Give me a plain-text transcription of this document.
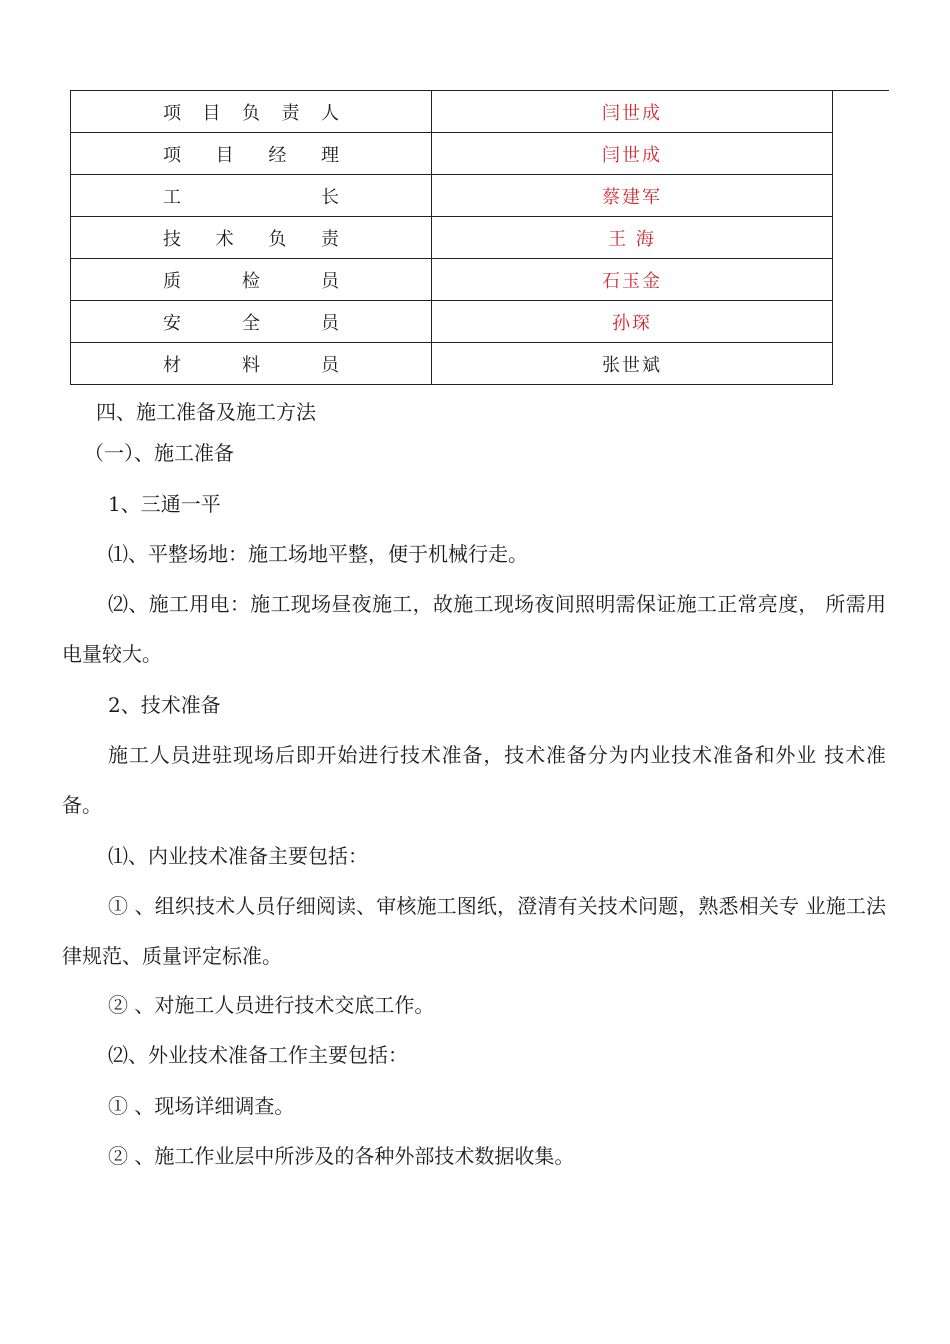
项 目 负 责 人	闫世成

项 目 经 理	闫世成

工 长	蔡建军

技 术 负 责	王 海

质 检 员	石玉金

安 全 员	孙琛

材 料 员	张世斌
四、施工准备及施工方法
（一）、施工准备
1、三通一平
⑴、平整场地：施工场地平整，便于机械行走。
⑵、施工用电：施工现场昼夜施工，故施工现场夜间照明需保证施工正常亮度， 所需用电量较大。
2、技术准备
施工人员进驻现场后即开始进行技术准备，技术准备分为内业技术准备和外业 技术准备。
⑴、内业技术准备主要包括：
① 、组织技术人员仔细阅读、审核施工图纸，澄清有关技术问题，熟悉相关专 业施工法律规范、质量评定标准。
② 、对施工人员进行技术交底工作。
⑵、外业技术准备工作主要包括：
① 、现场详细调查。
② 、施工作业层中所涉及的各种外部技术数据收集。
